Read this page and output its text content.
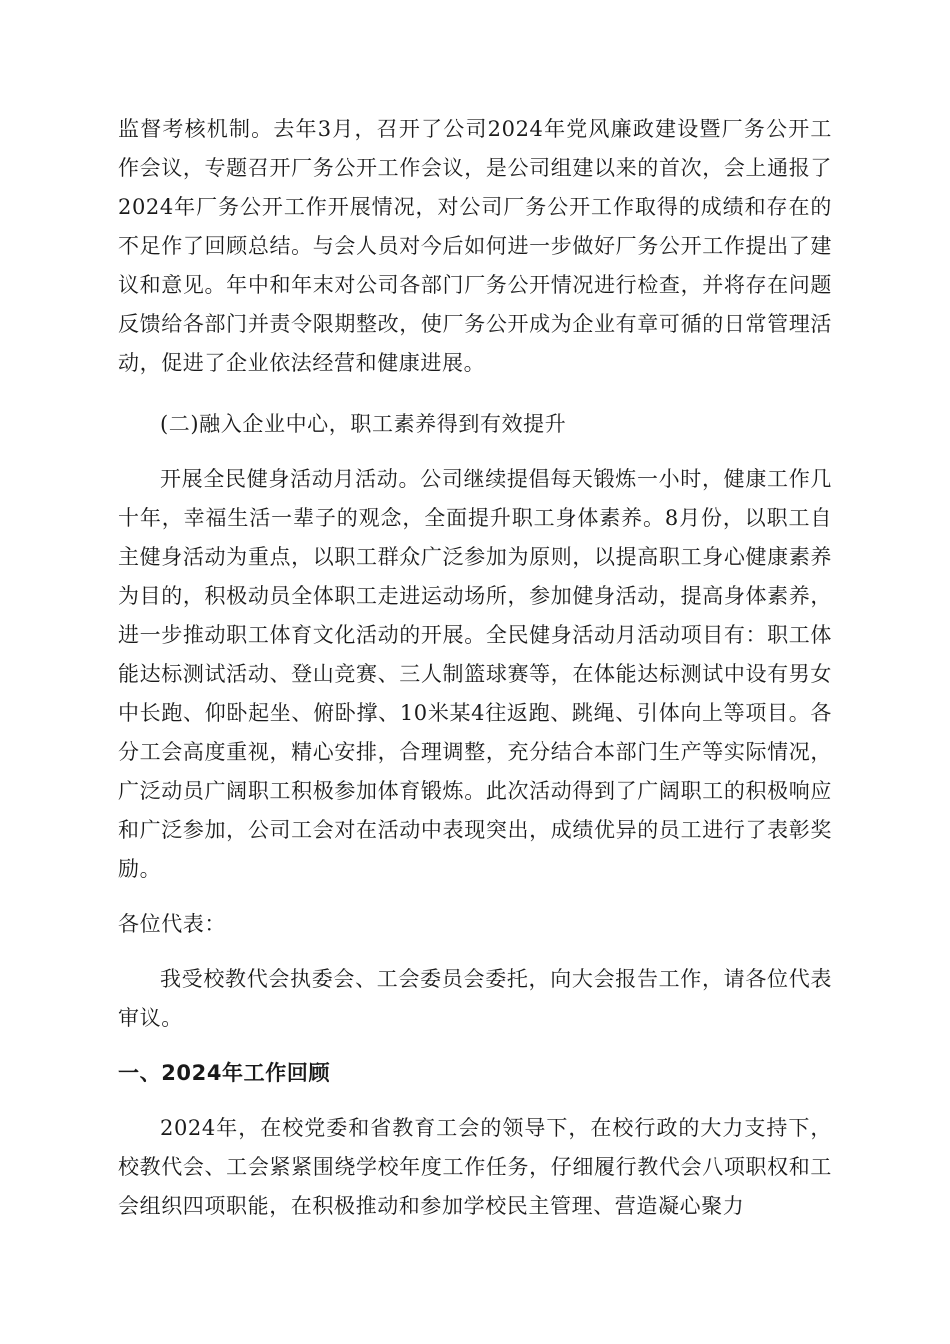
监督考核机制。去年3月，召开了公司2024年党风廉政建设暨厂务公开工作会议，专题召开厂务公开工作会议，是公司组建以来的首次，会上通报了2024年厂务公开工作开展情况，对公司厂务公开工作取得的成绩和存在的不足作了回顾总结。与会人员对今后如何进一步做好厂务公开工作提出了建议和意见。年中和年末对公司各部门厂务公开情况进行检查，并将存在问题反馈给各部门并责令限期整改，使厂务公开成为企业有章可循的日常管理活动，促进了企业依法经营和健康进展。

(二)融入企业中心，职工素养得到有效提升

开展全民健身活动月活动。公司继续提倡每天锻炼一小时，健康工作几十年，幸福生活一辈子的观念，全面提升职工身体素养。8月份，以职工自主健身活动为重点，以职工群众广泛参加为原则，以提高职工身心健康素养为目的，积极动员全体职工走进运动场所，参加健身活动，提高身体素养，进一步推动职工体育文化活动的开展。全民健身活动月活动项目有：职工体能达标测试活动、登山竞赛、三人制篮球赛等，在体能达标测试中设有男女中长跑、仰卧起坐、俯卧撑、10米某4往返跑、跳绳、引体向上等项目。各分工会高度重视，精心安排，合理调整，充分结合本部门生产等实际情况，广泛动员广阔职工积极参加体育锻炼。此次活动得到了广阔职工的积极响应和广泛参加，公司工会对在活动中表现突出，成绩优异的员工进行了表彰奖励。

各位代表：

我受校教代会执委会、工会委员会委托，向大会报告工作，请各位代表审议。

一、2024年工作回顾

2024年，在校党委和省教育工会的领导下，在校行政的大力支持下，校教代会、工会紧紧围绕学校年度工作任务，仔细履行教代会八项职权和工会组织四项职能，在积极推动和参加学校民主管理、营造凝心聚力
